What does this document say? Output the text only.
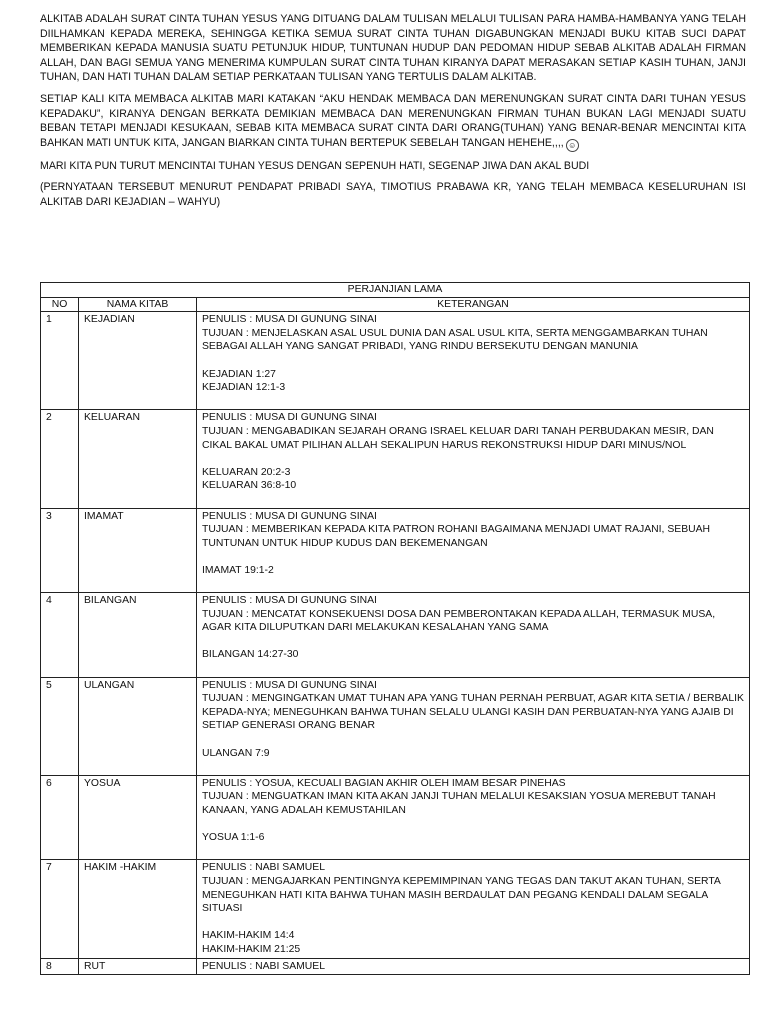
ALKITAB ADALAH SURAT CINTA TUHAN YESUS YANG DITUANG DALAM TULISAN MELALUI TULISAN PARA HAMBA-HAMBANYA YANG TELAH DIILHAMKAN KEPADA MEREKA, SEHINGGA KETIKA SEMUA SURAT CINTA TUHAN DIGABUNGKAN MENJADI BUKU KITAB SUCI DAPAT MEMBERIKAN KEPADA MANUSIA SUATU PETUNJUK HIDUP, TUNTUNAN HUDUP DAN PEDOMAN HIDUP SEBAB ALKITAB ADALAH FIRMAN ALLAH, DAN BAGI SEMUA YANG MENERIMA KUMPULAN SURAT CINTA TUHAN KIRANYA DAPAT MERASAKAN SETIAP KASIH TUHAN, JANJI TUHAN, DAN HATI TUHAN DALAM SETIAP PERKATAAN TULISAN YANG TERTULIS DALAM ALKITAB.

SETIAP KALI KITA MEMBACA ALKITAB MARI KATAKAN “AKU HENDAK MEMBACA DAN MERENUNGKAN SURAT CINTA DARI TUHAN YESUS KEPADAKU”, KIRANYA DENGAN BERKATA DEMIKIAN MEMBACA DAN MERENUNGKAN FIRMAN TUHAN BUKAN LAGI MENJADI SUATU BEBAN TETAPI MENJADI KESUKAAN, SEBAB KITA MEMBACA SURAT CINTA DARI ORANG(TUHAN) YANG BENAR-BENAR MENCINTAI KITA BAHKAN MATI UNTUK KITA, JANGAN BIARKAN CINTA TUHAN BERTEPUK SEBELAH TANGAN HEHEHE,,,, ☺

MARI KITA PUN TURUT MENCINTAI TUHAN YESUS DENGAN SEPENUH HATI, SEGENAP JIWA DAN AKAL BUDI

(PERNYATAAN TERSEBUT MENURUT PENDAPAT PRIBADI SAYA, TIMOTIUS PRABAWA KR, YANG TELAH MEMBACA KESELURUHAN ISI ALKITAB DARI KEJADIAN – WAHYU)

PERJANJIAN LAMA		
NO	NAMA KITAB	KETERANGAN
1	KEJADIAN	PENULIS : MUSA DI GUNUNG SINAI
TUJUAN : MENJELASKAN ASAL USUL DUNIA DAN ASAL USUL KITA, SERTA MENGGAMBARKAN TUHAN SEBAGAI ALLAH YANG SANGAT PRIBADI, YANG RINDU BERSEKUTU DENGAN MANUNIA
KEJADIAN 1:27
KEJADIAN 12:1-3

2	KELUARAN	PENULIS : MUSA DI GUNUNG SINAI
TUJUAN : MENGABADIKAN SEJARAH ORANG ISRAEL KELUAR DARI TANAH PERBUDAKAN MESIR, DAN CIKAL BAKAL UMAT PILIHAN ALLAH SEKALIPUN HARUS REKONSTRUKSI HIDUP DARI MINUS/NOL
KELUARAN 20:2-3
KELUARAN 36:8-10

3	IMAMAT	PENULIS : MUSA DI GUNUNG SINAI
TUJUAN : MEMBERIKAN KEPADA KITA PATRON ROHANI BAGAIMANA MENJADI UMAT RAJANI, SEBUAH TUNTUNAN UNTUK HIDUP KUDUS DAN BEKEMENANGAN
IMAMAT 19:1-2

4	BILANGAN	PENULIS : MUSA DI GUNUNG SINAI
TUJUAN : MENCATAT KONSEKUENSI DOSA DAN PEMBERONTAKAN KEPADA ALLAH, TERMASUK MUSA, AGAR KITA DILUPUTKAN DARI MELAKUKAN KESALAHAN YANG SAMA
BILANGAN 14:27-30

5	ULANGAN	PENULIS : MUSA DI GUNUNG SINAI
TUJUAN : MENGINGATKAN UMAT TUHAN APA YANG TUHAN PERNAH PERBUAT, AGAR KITA SETIA / BERBALIK KEPADA-NYA; MENEGUHKAN BAHWA TUHAN SELALU ULANGI KASIH DAN PERBUATAN-NYA YANG AJAIB DI SETIAP GENERASI ORANG BENAR
ULANGAN 7:9

6	YOSUA	PENULIS : YOSUA, KECUALI BAGIAN AKHIR OLEH IMAM BESAR PINEHAS
TUJUAN : MENGUATKAN IMAN KITA AKAN JANJI TUHAN MELALUI KESAKSIAN YOSUA MEREBUT TANAH KANAAN, YANG ADALAH KEMUSTAHILAN
YOSUA 1:1-6

7	HAKIM -HAKIM	PENULIS : NABI SAMUEL
TUJUAN : MENGAJARKAN PENTINGNYA KEPEMIMPINAN YANG TEGAS DAN TAKUT AKAN TUHAN, SERTA MENEGUHKAN HATI KITA BAHWA TUHAN MASIH BERDAULAT DAN PEGANG KENDALI DALAM SEGALA SITUASI
HAKIM-HAKIM 14:4
HAKIM-HAKIM 21:25

8	RUT	PENULIS : NABI SAMUEL
